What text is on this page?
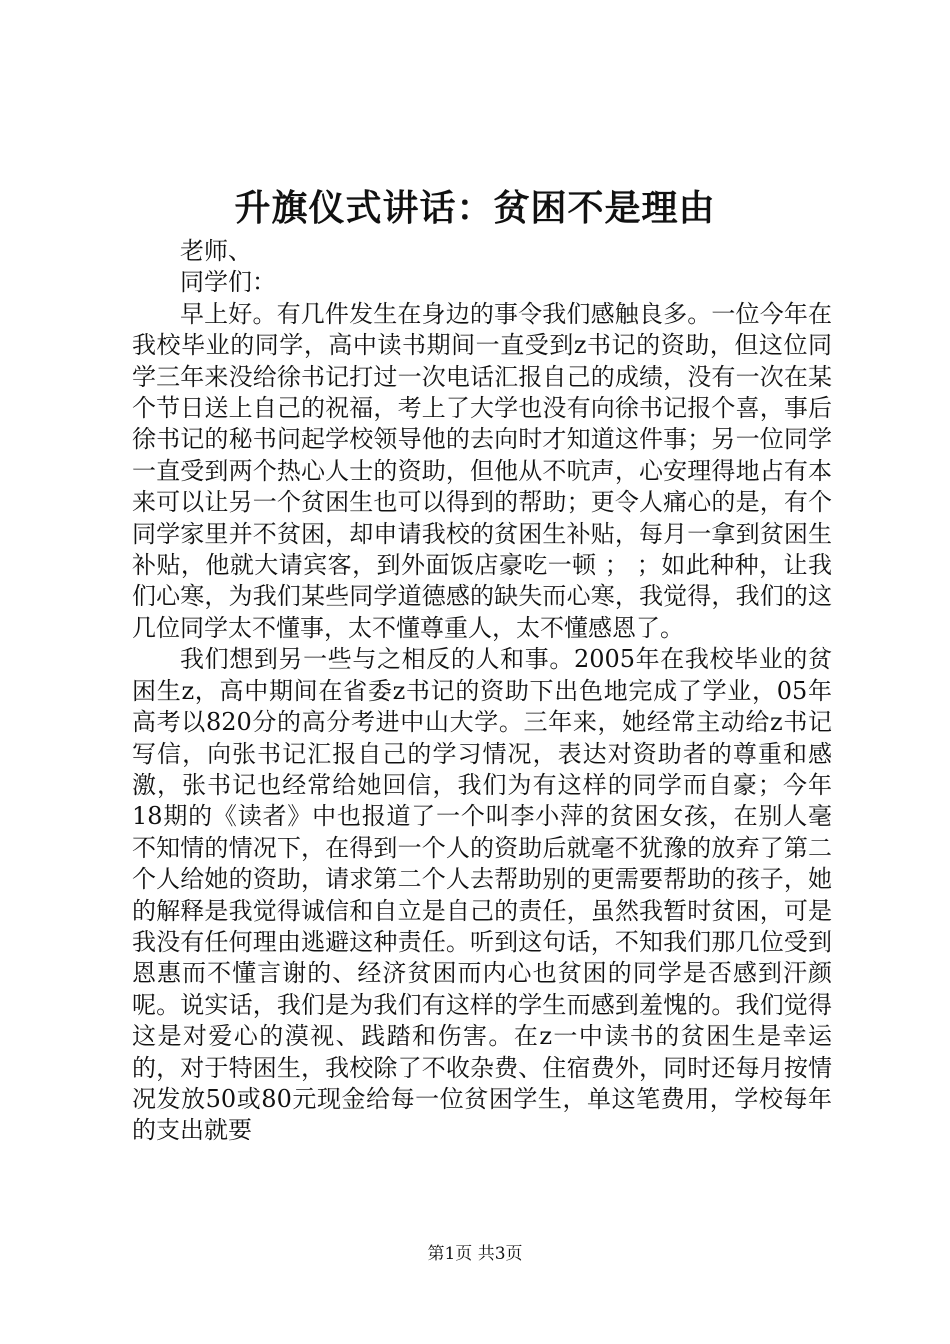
升旗仪式讲话：贫困不是理由

老师、

同学们：

早上好。有几件发生在身边的事令我们感触良多。一位今年在我校毕业的同学，高中读书期间一直受到z书记的资助，但这位同学三年来没给徐书记打过一次电话汇报自己的成绩，没有一次在某个节日送上自己的祝福，考上了大学也没有向徐书记报个喜，事后徐书记的秘书问起学校领导他的去向时才知道这件事；另一位同学一直受到两个热心人士的资助，但他从不吭声，心安理得地占有本来可以让另一个贫困生也可以得到的帮助；更令人痛心的是，有个同学家里并不贫困，却申请我校的贫困生补贴，每月一拿到贫困生补贴，他就大请宾客，到外面饭店豪吃一顿 ； ；如此种种，让我们心寒，为我们某些同学道德感的缺失而心寒，我觉得，我们的这几位同学太不懂事，太不懂尊重人，太不懂感恩了。

我们想到另一些与之相反的人和事。2005年在我校毕业的贫困生z，高中期间在省委z书记的资助下出色地完成了学业，05年高考以820分的高分考进中山大学。三年来，她经常主动给z书记写信，向张书记汇报自己的学习情况，表达对资助者的尊重和感激，张书记也经常给她回信，我们为有这样的同学而自豪；今年18期的《读者》中也报道了一个叫李小萍的贫困女孩，在别人毫不知情的情况下，在得到一个人的资助后就毫不犹豫的放弃了第二个人给她的资助，请求第二个人去帮助别的更需要帮助的孩子，她的解释是我觉得诚信和自立是自己的责任，虽然我暂时贫困，可是我没有任何理由逃避这种责任。听到这句话，不知我们那几位受到恩惠而不懂言谢的、经济贫困而内心也贫困的同学是否感到汗颜呢。说实话，我们是为我们有这样的学生而感到羞愧的。我们觉得这是对爱心的漠视、践踏和伤害。在z一中读书的贫困生是幸运的，对于特困生，我校除了不收杂费、住宿费外，同时还每月按情况发放50或80元现金给每一位贫困学生，单这笔费用，学校每年的支出就要

第1页 共3页
